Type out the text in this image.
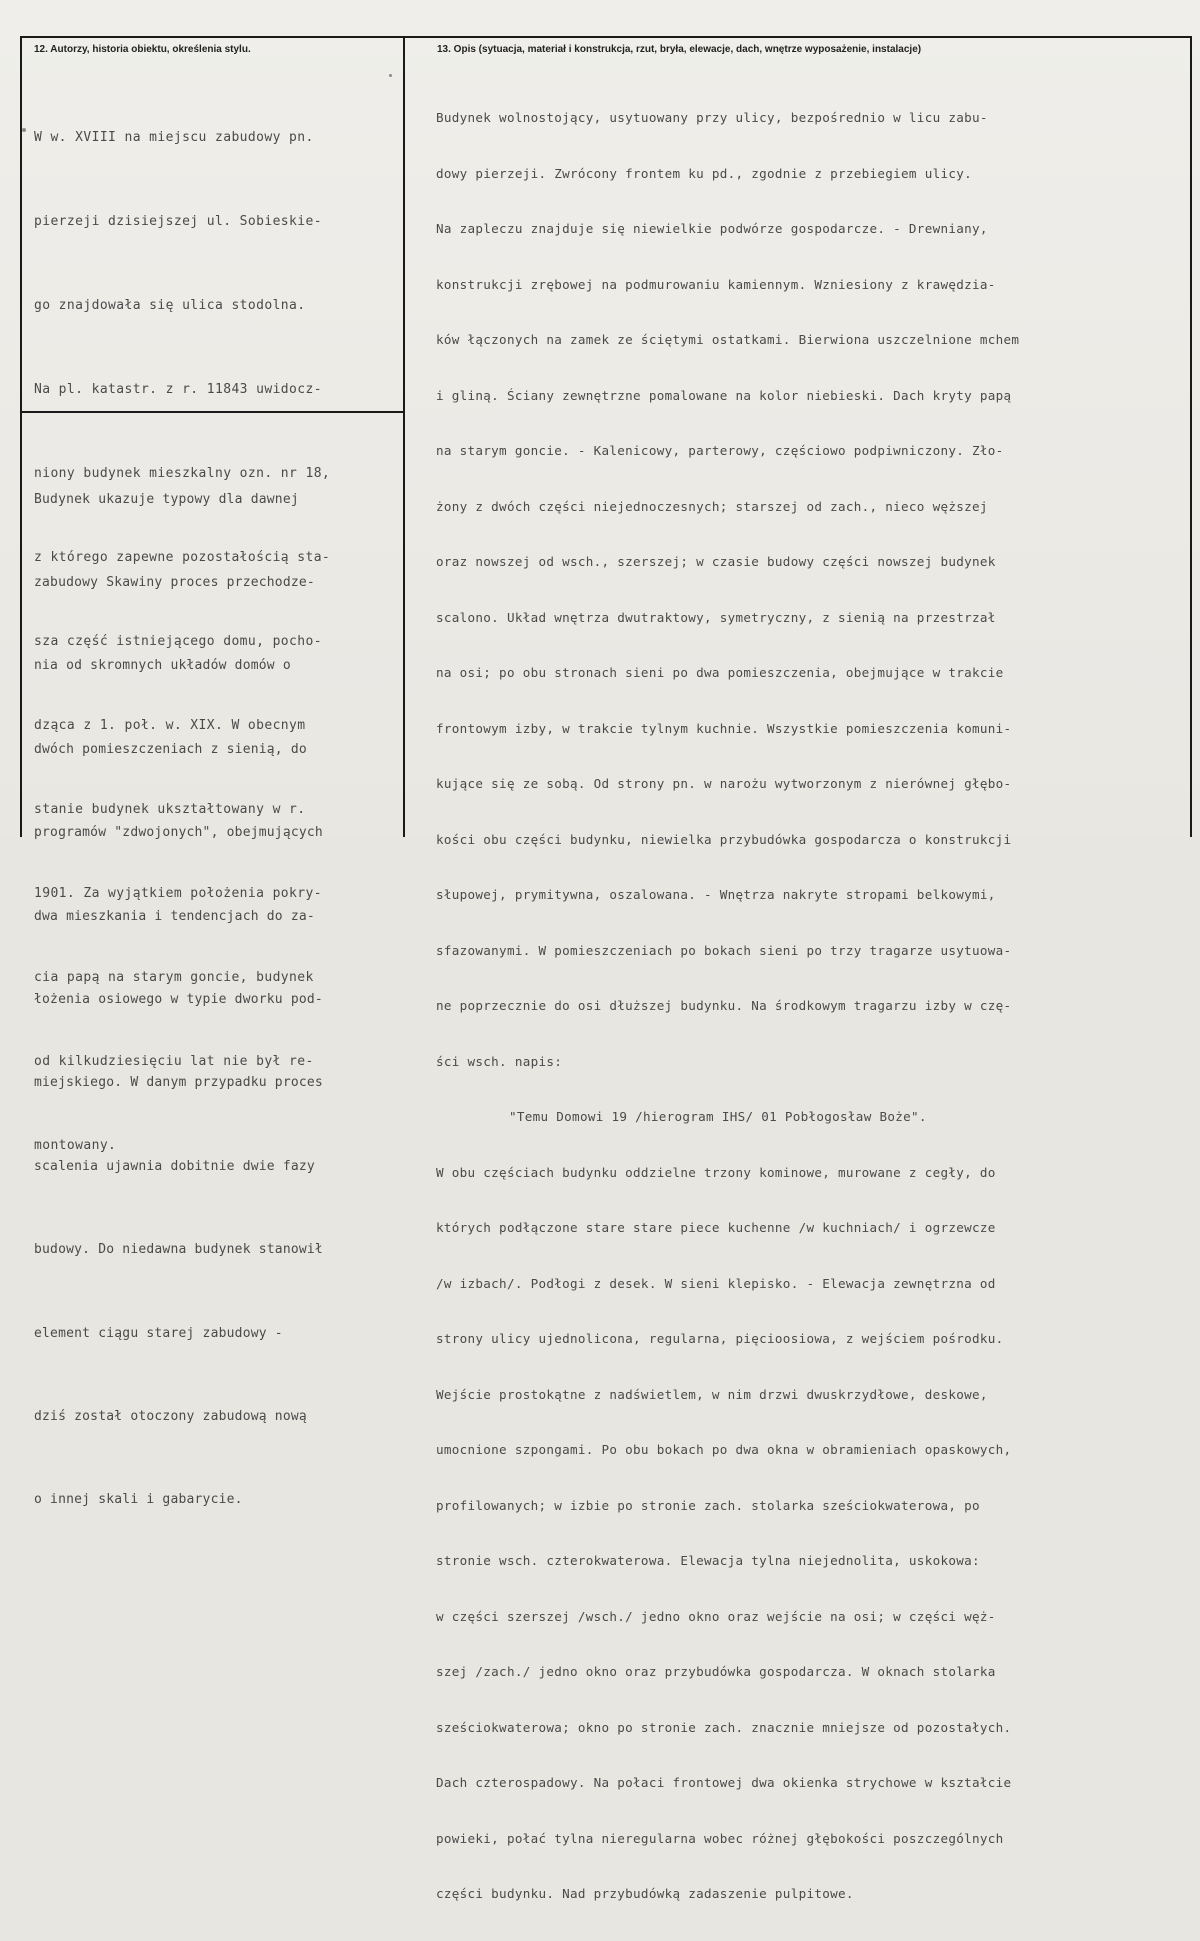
12. Autorzy, historia obiektu, określenia stylu.	13. Opis (sytuacja, materiał i konstrukcja, rzut, bryła, elewacje, dach, wnętrze wyposażenie, instalacje)

W w. XVIII na miejscu zabudowy pn.

pierzeji dzisiejszej ul. Sobieskie-

go znajdowała się ulica stodolna.

Na pl. katastr. z r. 11843 uwidocz-

niony budynek mieszkalny ozn. nr 18,

z którego zapewne pozostałością sta-

sza część istniejącego domu, pocho-

dząca z 1. poł. w. XIX. W obecnym

stanie budynek ukształtowany w r.

1901. Za wyjątkiem położenia pokry-

cia papą na starym goncie, budynek

od kilkudziesięciu lat nie był re-

montowany.

Budynek ukazuje typowy dla dawnej

zabudowy Skawiny proces przechodze-

nia od skromnych układów domów o

dwóch pomieszczeniach z sienią, do

programów "zdwojonych", obejmujących

dwa mieszkania i tendencjach do za-

łożenia osiowego w typie dworku pod-

miejskiego. W danym przypadku proces

scalenia ujawnia dobitnie dwie fazy

budowy. Do niedawna budynek stanowił

element ciągu starej zabudowy -

dziś został otoczony zabudową nową

o innej skali i gabarycie.

Budynek wolnostojący, usytuowany przy ulicy, bezpośrednio w licu zabu-

dowy pierzeji. Zwrócony frontem ku pd., zgodnie z przebiegiem ulicy.

Na zapleczu znajduje się niewielkie podwórze gospodarcze. - Drewniany,

konstrukcji zrębowej na podmurowaniu kamiennym. Wzniesiony z krawędzia-

ków łączonych na zamek ze ściętymi ostatkami. Bierwiona uszczelnione mchem

i gliną. Ściany zewnętrzne pomalowane na kolor niebieski. Dach kryty papą

na starym goncie. - Kalenicowy, parterowy, częściowo podpiwniczony. Zło-

żony z dwóch części niejednoczesnych; starszej od zach., nieco węższej

oraz nowszej od wsch., szerszej; w czasie budowy części nowszej budynek

scalono. Układ wnętrza dwutraktowy, symetryczny, z sienią na przestrzał

na osi; po obu stronach sieni po dwa pomieszczenia, obejmujące w trakcie

frontowym izby, w trakcie tylnym kuchnie. Wszystkie pomieszczenia komuni-

kujące się ze sobą. Od strony pn. w narożu wytworzonym z nierównej głębo-

kości obu części budynku, niewielka przybudówka gospodarcza o konstrukcji

słupowej, prymitywna, oszalowana. - Wnętrza nakryte stropami belkowymi,

sfazowanymi. W pomieszczeniach po bokach sieni po trzy tragarze usytuowa-

ne poprzecznie do osi dłuższej budynku. Na środkowym tragarzu izby w czę-

ści wsch. napis:

"Temu Domowi 19 /hierogram IHS/ 01 Pobłogosław Boże".

W obu częściach budynku oddzielne trzony kominowe, murowane z cegły, do

których podłączone stare stare piece kuchenne /w kuchniach/ i ogrzewcze

/w izbach/. Podłogi z desek. W sieni klepisko. - Elewacja zewnętrzna od

strony ulicy ujednolicona, regularna, pięcioosiowa, z wejściem pośrodku.

Wejście prostokątne z nadświetlem, w nim drzwi dwuskrzydłowe, deskowe,

umocnione szpongami. Po obu bokach po dwa okna w obramieniach opaskowych,

profilowanych; w izbie po stronie zach. stolarka sześciokwaterowa, po

stronie wsch. czterokwaterowa. Elewacja tylna niejednolita, uskokowa:

w części szerszej /wsch./ jedno okno oraz wejście na osi; w części węż-

szej /zach./ jedno okno oraz przybudówka gospodarcza. W oknach stolarka

sześciokwaterowa; okno po stronie zach. znacznie mniejsze od pozostałych.

Dach czterospadowy. Na połaci frontowej dwa okienka strychowe w kształcie

powieki, połać tylna nieregularna wobec różnej głębokości poszczególnych

części budynku. Nad przybudówką zadaszenie pulpitowe.
